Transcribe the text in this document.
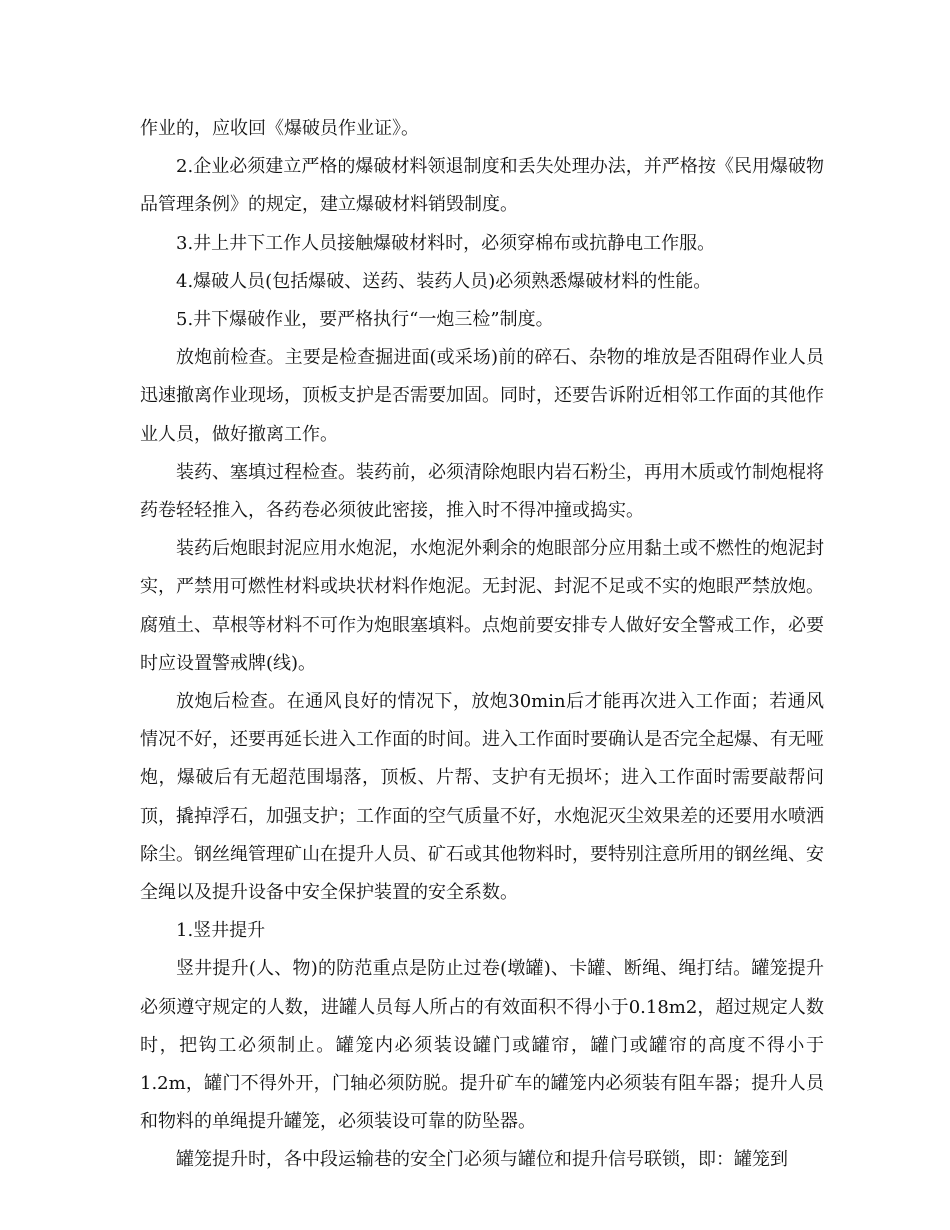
作业的，应收回《爆破员作业证》。

2.企业必须建立严格的爆破材料领退制度和丢失处理办法，并严格按《民用爆破物品管理条例》的规定，建立爆破材料销毁制度。

3.井上井下工作人员接触爆破材料时，必须穿棉布或抗静电工作服。

4.爆破人员(包括爆破、送药、装药人员)必须熟悉爆破材料的性能。

5.井下爆破作业，要严格执行“一炮三检”制度。

放炮前检查。主要是检查掘进面(或采场)前的碎石、杂物的堆放是否阻碍作业人员迅速撤离作业现场，顶板支护是否需要加固。同时，还要告诉附近相邻工作面的其他作业人员，做好撤离工作。

装药、塞填过程检查。装药前，必须清除炮眼内岩石粉尘，再用木质或竹制炮棍将药卷轻轻推入，各药卷必须彼此密接，推入时不得冲撞或捣实。

装药后炮眼封泥应用水炮泥，水炮泥外剩余的炮眼部分应用黏土或不燃性的炮泥封实，严禁用可燃性材料或块状材料作炮泥。无封泥、封泥不足或不实的炮眼严禁放炮。腐殖土、草根等材料不可作为炮眼塞填料。点炮前要安排专人做好安全警戒工作，必要时应设置警戒牌(线)。

放炮后检查。在通风良好的情况下，放炮30min后才能再次进入工作面；若通风情况不好，还要再延长进入工作面的时间。进入工作面时要确认是否完全起爆、有无哑炮，爆破后有无超范围塌落，顶板、片帮、支护有无损坏；进入工作面时需要敲帮问顶，撬掉浮石，加强支护；工作面的空气质量不好，水炮泥灭尘效果差的还要用水喷洒除尘。钢丝绳管理矿山在提升人员、矿石或其他物料时，要特别注意所用的钢丝绳、安全绳以及提升设备中安全保护装置的安全系数。

1.竖井提升

竖井提升(人、物)的防范重点是防止过卷(墩罐)、卡罐、断绳、绳打结。罐笼提升必须遵守规定的人数，进罐人员每人所占的有效面积不得小于0.18m2，超过规定人数时，把钩工必须制止。罐笼内必须装设罐门或罐帘，罐门或罐帘的高度不得小于1.2m，罐门不得外开，门轴必须防脱。提升矿车的罐笼内必须装有阻车器；提升人员和物料的单绳提升罐笼，必须装设可靠的防坠器。

罐笼提升时，各中段运输巷的安全门必须与罐位和提升信号联锁，即：罐笼到
